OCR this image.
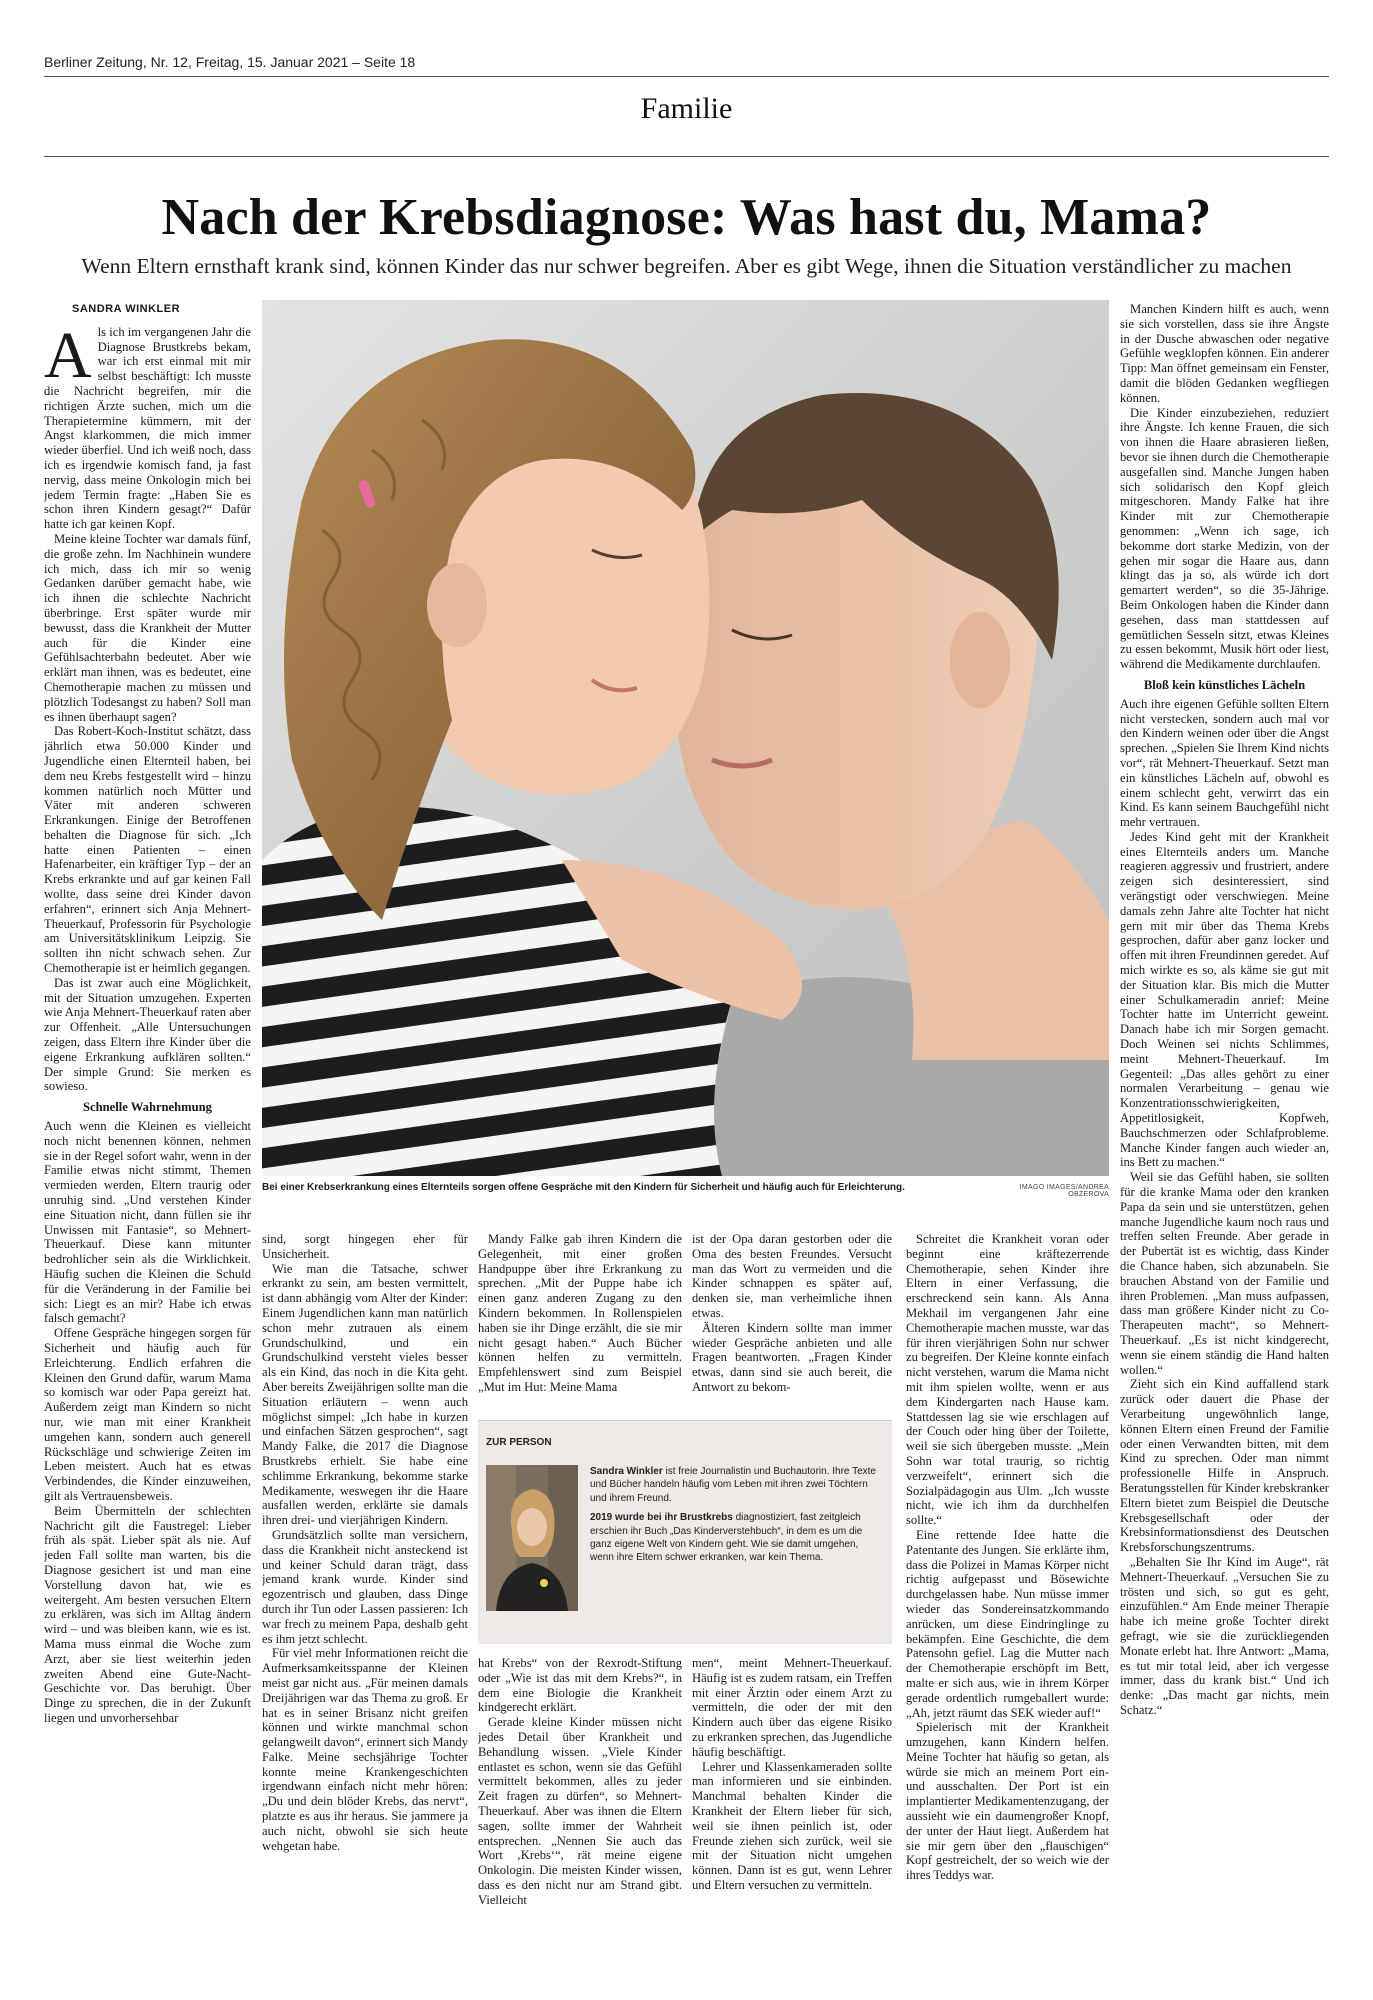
Berliner Zeitung, Nr. 12, Freitag, 15. Januar 2021 – Seite 18
Familie
Nach der Krebsdiagnose: Was hast du, Mama?
Wenn Eltern ernsthaft krank sind, können Kinder das nur schwer begreifen. Aber es gibt Wege, ihnen die Situation verständlicher zu machen
SANDRA WINKLER

Als ich im vergangenen Jahr die Diagnose Brustkrebs bekam, war ich erst einmal mit mir selbst beschäftigt: Ich musste die Nachricht begreifen, mir die richtigen Ärzte suchen, mich um die Therapietermine kümmern, mit der Angst klarkommen, die mich immer wieder überfiel. Und ich weiß noch, dass ich es irgendwie komisch fand, ja fast nervig, dass meine Onkologin mich bei jedem Termin fragte: „Haben Sie es schon ihren Kindern gesagt?“ Dafür hatte ich gar keinen Kopf.

Meine kleine Tochter war damals fünf, die große zehn. Im Nachhinein wundere ich mich, dass ich mir so wenig Gedanken darüber gemacht habe, wie ich ihnen die schlechte Nachricht überbringe. Erst später wurde mir bewusst, dass die Krankheit der Mutter auch für die Kinder eine Gefühlsachterbahn bedeutet. Aber wie erklärt man ihnen, was es bedeutet, eine Chemotherapie machen zu müssen und plötzlich Todesangst zu haben? Soll man es ihnen überhaupt sagen?

Das Robert-Koch-Institut schätzt, dass jährlich etwa 50.000 Kinder und Jugendliche einen Elternteil haben, bei dem neu Krebs festgestellt wird – hinzu kommen natürlich noch Mütter und Väter mit anderen schweren Erkrankungen. Einige der Betroffenen behalten die Diagnose für sich. „Ich hatte einen Patienten – einen Hafenarbeiter, ein kräftiger Typ – der an Krebs erkrankte und auf gar keinen Fall wollte, dass seine drei Kinder davon erfahren“, erinnert sich Anja Mehnert-Theuerkauf, Professorin für Psychologie am Universitätsklinikum Leipzig. Sie sollten ihn nicht schwach sehen. Zur Chemotherapie ist er heimlich gegangen.

Das ist zwar auch eine Möglichkeit, mit der Situation umzugehen. Experten wie Anja Mehnert-Theuerkauf raten aber zur Offenheit. „Alle Untersuchungen zeigen, dass Eltern ihre Kinder über die eigene Erkrankung aufklären sollten.“ Der simple Grund: Sie merken es sowieso.

Schnelle Wahrnehmung

Auch wenn die Kleinen es vielleicht noch nicht benennen können, nehmen sie in der Regel sofort wahr, wenn in der Familie etwas nicht stimmt, Themen vermieden werden, Eltern traurig oder unruhig sind. „Und verstehen Kinder eine Situation nicht, dann füllen sie ihr Unwissen mit Fantasie“, so Mehnert-Theuerkauf. Diese kann mitunter bedrohlicher sein als die Wirklichkeit. Häufig suchen die Kleinen die Schuld für die Veränderung in der Familie bei sich: Liegt es an mir? Habe ich etwas falsch gemacht?

Offene Gespräche hingegen sorgen für Sicherheit und häufig auch für Erleichterung. Endlich erfahren die Kleinen den Grund dafür, warum Mama so komisch war oder Papa gereizt hat. Außerdem zeigt man Kindern so nicht nur, wie man mit einer Krankheit umgehen kann, sondern auch generell Rückschläge und schwierige Zeiten im Leben meistert. Auch hat es etwas Verbindendes, die Kinder einzuweihen, gilt als Vertrauensbeweis.

Beim Übermitteln der schlechten Nachricht gilt die Faustregel: Lieber früh als spät. Lieber spät als nie. Auf jeden Fall sollte man warten, bis die Diagnose gesichert ist und man eine Vorstellung davon hat, wie es weitergeht. Am besten versuchen Eltern zu erklären, was sich im Alltag ändern wird – und was bleiben kann, wie es ist. Mama muss einmal die Woche zum Arzt, aber sie liest weiterhin jeden zweiten Abend eine Gute-Nacht-Geschichte vor. Das beruhigt. Über Dinge zu sprechen, die in der Zukunft liegen und unvorhersehbar

Bei einer Krebserkrankung eines Elternteils sorgen offene Gespräche mit den Kindern für Sicherheit und häufig auch für Erleichterung.	IMAGO IMAGES/ANDREA OBZEROVA

sind, sorgt hingegen eher für Unsicherheit.

Wie man die Tatsache, schwer erkrankt zu sein, am besten vermittelt, ist dann abhängig vom Alter der Kinder: Einem Jugendlichen kann man natürlich schon mehr zutrauen als einem Grundschulkind, und ein Grundschulkind versteht vieles besser als ein Kind, das noch in die Kita geht. Aber bereits Zweijährigen sollte man die Situation erläutern – wenn auch möglichst simpel: „Ich habe in kurzen und einfachen Sätzen gesprochen“, sagt Mandy Falke, die 2017 die Diagnose Brustkrebs erhielt. Sie habe eine schlimme Erkrankung, bekomme starke Medikamente, weswegen ihr die Haare ausfallen werden, erklärte sie damals ihren drei- und vierjährigen Kindern.

Grundsätzlich sollte man versichern, dass die Krankheit nicht ansteckend ist und keiner Schuld daran trägt, dass jemand krank wurde. Kinder sind egozentrisch und glauben, dass Dinge durch ihr Tun oder Lassen passieren: Ich war frech zu meinem Papa, deshalb geht es ihm jetzt schlecht.

Für viel mehr Informationen reicht die Aufmerksamkeitsspanne der Kleinen meist gar nicht aus. „Für meinen damals Dreijährigen war das Thema zu groß. Er hat es in seiner Brisanz nicht greifen können und wirkte manchmal schon gelangweilt davon“, erinnert sich Mandy Falke. Meine sechsjährige Tochter konnte meine Krankengeschichten irgendwann einfach nicht mehr hören: „Du und dein blöder Krebs, das nervt“, platzte es aus ihr heraus. Sie jammere ja auch nicht, obwohl sie sich heute wehgetan habe.

Mandy Falke gab ihren Kindern die Gelegenheit, mit einer großen Handpuppe über ihre Erkrankung zu sprechen. „Mit der Puppe habe ich einen ganz anderen Zugang zu den Kindern bekommen. In Rollenspielen haben sie ihr Dinge erzählt, die sie mir nicht gesagt haben.“ Auch Bücher können helfen zu vermitteln. Empfehlenswert sind zum Beispiel „Mut im Hut: Meine Mama

ist der Opa daran gestorben oder die Oma des besten Freundes. Versucht man das Wort zu vermeiden und die Kinder schnappen es später auf, denken sie, man verheimliche ihnen etwas.

Älteren Kindern sollte man immer wieder Gespräche anbieten und alle Fragen beantworten. „Fragen Kinder etwas, dann sind sie auch bereit, die Antwort zu bekom-

ZUR PERSON

Sandra Winkler ist freie Journalistin und Buchautorin. Ihre Texte und Bücher handeln häufig vom Leben mit ihren zwei Töchtern und ihrem Freund.

2019 wurde bei ihr Brustkrebs diagnostiziert, fast zeitgleich erschien ihr Buch „Das Kinderverstehbuch“, in dem es um die ganz eigene Welt von Kindern geht. Wie sie damit umgehen, wenn ihre Eltern schwer erkranken, war kein Thema.

hat Krebs“ von der Rexrodt-Stiftung oder „Wie ist das mit dem Krebs?“, in dem eine Biologie die Krankheit kindgerecht erklärt.

Gerade kleine Kinder müssen nicht jedes Detail über Krankheit und Behandlung wissen. „Viele Kinder entlastet es schon, wenn sie das Gefühl vermittelt bekommen, alles zu jeder Zeit fragen zu dürfen“, so Mehnert-Theuerkauf. Aber was ihnen die Eltern sagen, sollte immer der Wahrheit entsprechen. „Nennen Sie auch das Wort ‚Krebs‘“, rät meine eigene Onkologin. Die meisten Kinder wissen, dass es den nicht nur am Strand gibt. Vielleicht

men“, meint Mehnert-Theuerkauf. Häufig ist es zudem ratsam, ein Treffen mit einer Ärztin oder einem Arzt zu vermitteln, die oder der mit den Kindern auch über das eigene Risiko zu erkranken sprechen, das Jugendliche häufig beschäftigt.

Lehrer und Klassenkameraden sollte man informieren und sie einbinden. Manchmal behalten Kinder die Krankheit der Eltern lieber für sich, weil sie ihnen peinlich ist, oder Freunde ziehen sich zurück, weil sie mit der Situation nicht umgehen können. Dann ist es gut, wenn Lehrer und Eltern versuchen zu vermitteln.

Schreitet die Krankheit voran oder beginnt eine kräftezerrende Chemotherapie, sehen Kinder ihre Eltern in einer Verfassung, die erschreckend sein kann. Als Anna Mekhail im vergangenen Jahr eine Chemotherapie machen musste, war das für ihren vierjährigen Sohn nur schwer zu begreifen. Der Kleine konnte einfach nicht verstehen, warum die Mama nicht mit ihm spielen wollte, wenn er aus dem Kindergarten nach Hause kam. Stattdessen lag sie wie erschlagen auf der Couch oder hing über der Toilette, weil sie sich übergeben musste. „Mein Sohn war total traurig, so richtig verzweifelt“, erinnert sich die Sozialpädagogin aus Ulm. „Ich wusste nicht, wie ich ihm da durchhelfen sollte.“

Eine rettende Idee hatte die Patentante des Jungen. Sie erklärte ihm, dass die Polizei in Mamas Körper nicht richtig aufgepasst und Bösewichte durchgelassen habe. Nun müsse immer wieder das Sondereinsatzkommando anrücken, um diese Eindringlinge zu bekämpfen. Eine Geschichte, die dem Patensohn gefiel. Lag die Mutter nach der Chemotherapie erschöpft im Bett, malte er sich aus, wie in ihrem Körper gerade ordentlich rumgeballert wurde: „Ah, jetzt räumt das SEK wieder auf!“

Spielerisch mit der Krankheit umzugehen, kann Kindern helfen. Meine Tochter hat häufig so getan, als würde sie mich an meinem Port ein- und ausschalten. Der Port ist ein implantierter Medikamentenzugang, der aussieht wie ein daumengroßer Knopf, der unter der Haut liegt. Außerdem hat sie mir gern über den „flauschigen“ Kopf gestreichelt, der so weich wie der ihres Teddys war.

Manchen Kindern hilft es auch, wenn sie sich vorstellen, dass sie ihre Ängste in der Dusche abwaschen oder negative Gefühle wegklopfen können. Ein anderer Tipp: Man öffnet gemeinsam ein Fenster, damit die blöden Gedanken wegfliegen können.

Die Kinder einzubeziehen, reduziert ihre Ängste. Ich kenne Frauen, die sich von ihnen die Haare abrasieren ließen, bevor sie ihnen durch die Chemotherapie ausgefallen sind. Manche Jungen haben sich solidarisch den Kopf gleich mitgeschoren. Mandy Falke hat ihre Kinder mit zur Chemotherapie genommen: „Wenn ich sage, ich bekomme dort starke Medizin, von der gehen mir sogar die Haare aus, dann klingt das ja so, als würde ich dort gemartert werden“, so die 35-Jährige. Beim Onkologen haben die Kinder dann gesehen, dass man stattdessen auf gemütlichen Sesseln sitzt, etwas Kleines zu essen bekommt, Musik hört oder liest, während die Medikamente durchlaufen.

Bloß kein künstliches Lächeln

Auch ihre eigenen Gefühle sollten Eltern nicht verstecken, sondern auch mal vor den Kindern weinen oder über die Angst sprechen. „Spielen Sie Ihrem Kind nichts vor“, rät Mehnert-Theuerkauf. Setzt man ein künstliches Lächeln auf, obwohl es einem schlecht geht, verwirrt das ein Kind. Es kann seinem Bauchgefühl nicht mehr vertrauen.

Jedes Kind geht mit der Krankheit eines Elternteils anders um. Manche reagieren aggressiv und frustriert, andere zeigen sich desinteressiert, sind verängstigt oder verschwiegen. Meine damals zehn Jahre alte Tochter hat nicht gern mit mir über das Thema Krebs gesprochen, dafür aber ganz locker und offen mit ihren Freundinnen geredet. Auf mich wirkte es so, als käme sie gut mit der Situation klar. Bis mich die Mutter einer Schulkameradin anrief: Meine Tochter hatte im Unterricht geweint. Danach habe ich mir Sorgen gemacht. Doch Weinen sei nichts Schlimmes, meint Mehnert-Theuerkauf. Im Gegenteil: „Das alles gehört zu einer normalen Verarbeitung – genau wie Konzentrationsschwierigkeiten, Appetitlosigkeit, Kopfweh, Bauchschmerzen oder Schlafprobleme. Manche Kinder fangen auch wieder an, ins Bett zu machen.“

Weil sie das Gefühl haben, sie sollten für die kranke Mama oder den kranken Papa da sein und sie unterstützen, gehen manche Jugendliche kaum noch raus und treffen selten Freunde. Aber gerade in der Pubertät ist es wichtig, dass Kinder die Chance haben, sich abzunabeln. Sie brauchen Abstand von der Familie und ihren Problemen. „Man muss aufpassen, dass man größere Kinder nicht zu Co-Therapeuten macht“, so Mehnert-Theuerkauf. „Es ist nicht kindgerecht, wenn sie einem ständig die Hand halten wollen.“

Zieht sich ein Kind auffallend stark zurück oder dauert die Phase der Verarbeitung ungewöhnlich lange, können Eltern einen Freund der Familie oder einen Verwandten bitten, mit dem Kind zu sprechen. Oder man nimmt professionelle Hilfe in Anspruch. Beratungsstellen für Kinder krebskranker Eltern bietet zum Beispiel die Deutsche Krebsgesellschaft oder der Krebsinformationsdienst des Deutschen Krebsforschungszentrums.

„Behalten Sie Ihr Kind im Auge“, rät Mehnert-Theuerkauf. „Versuchen Sie zu trösten und sich, so gut es geht, einzufühlen.“ Am Ende meiner Therapie habe ich meine große Tochter direkt gefragt, wie sie die zurückliegenden Monate erlebt hat. Ihre Antwort: „Mama, es tut mir total leid, aber ich vergesse immer, dass du krank bist.“ Und ich denke: „Das macht gar nichts, mein Schatz.“
